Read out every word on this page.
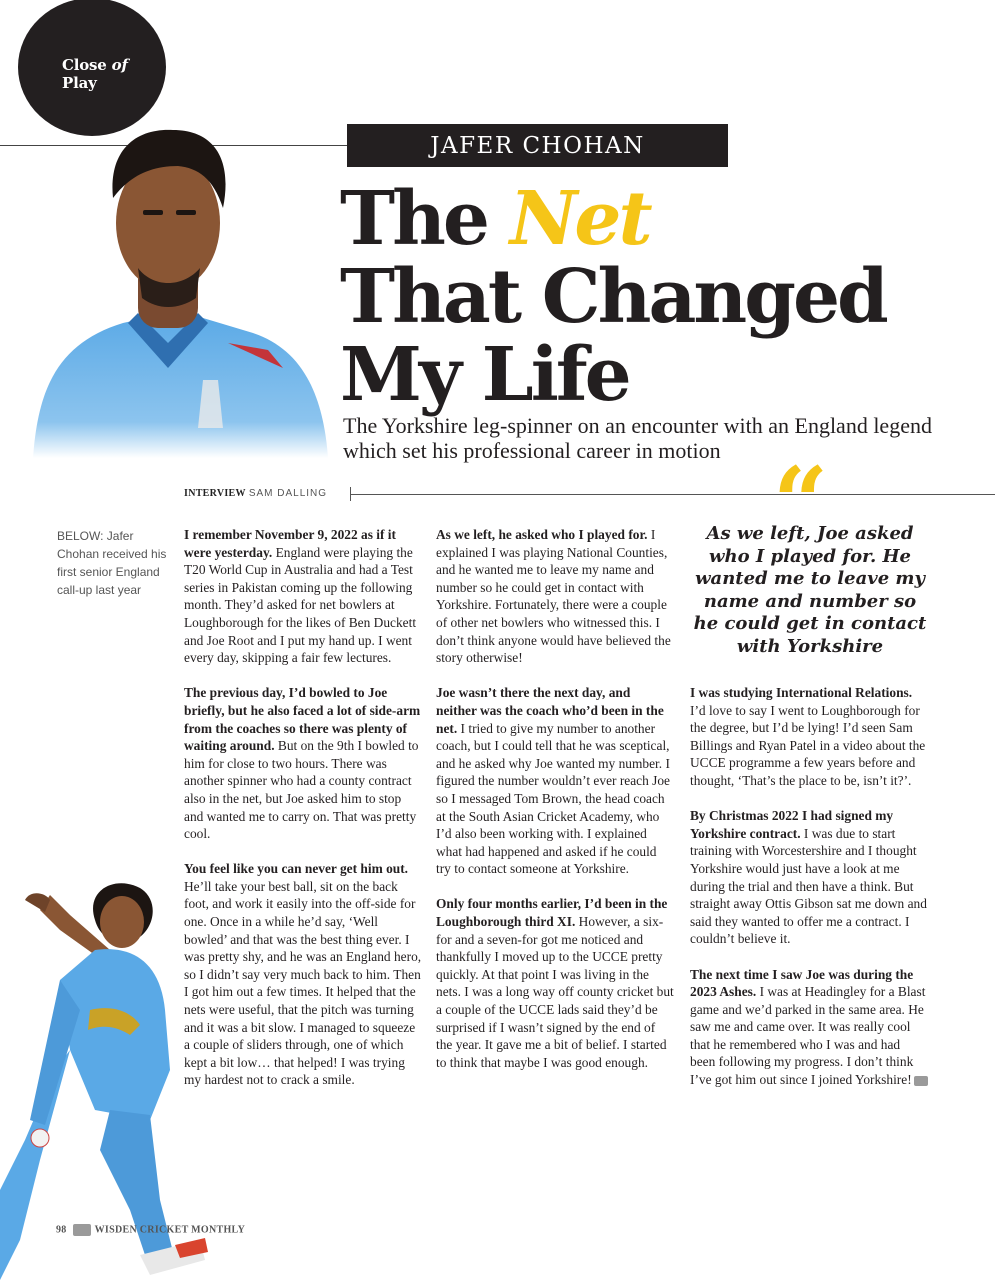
Close of Play
JAFER CHOHAN
The Net
That Changed
My Life

The Yorkshire leg-spinner on an encounter with an England legend which set his professional career in motion

INTERVIEW SAM DALLING	“

BELOW: Jafer Chohan received his first senior England call-up last year

I remember November 9, 2022 as if it were yesterday. England were playing the T20 World Cup in Australia and had a Test series in Pakistan coming up the following month. They’d asked for net bowlers at Loughborough for the likes of Ben Duckett and Joe Root and I put my hand up. I went every day, skipping a fair few lectures.

The previous day, I’d bowled to Joe briefly, but he also faced a lot of side-arm from the coaches so there was plenty of waiting around. But on the 9th I bowled to him for close to two hours. There was another spinner who had a county contract also in the net, but Joe asked him to stop and wanted me to carry on. That was pretty cool.

You feel like you can never get him out. He’ll take your best ball, sit on the back foot, and work it easily into the off-side for one. Once in a while he’d say, ‘Well bowled’ and that was the best thing ever. I was pretty shy, and he was an England hero, so I didn’t say very much back to him. Then I got him out a few times. It helped that the nets were useful, that the pitch was turning and it was a bit slow. I managed to squeeze a couple of sliders through, one of which kept a bit low… that helped! I was trying my hardest not to crack a smile.

As we left, he asked who I played for. I explained I was playing National Counties, and he wanted me to leave my name and number so he could get in contact with Yorkshire. Fortunately, there were a couple of other net bowlers who witnessed this. I don’t think anyone would have believed the story otherwise!

Joe wasn’t there the next day, and neither was the coach who’d been in the net. I tried to give my number to another coach, but I could tell that he was sceptical, and he asked why Joe wanted my number. I figured the number wouldn’t ever reach Joe so I messaged Tom Brown, the head coach at the South Asian Cricket Academy, who I’d also been working with. I explained what had happened and asked if he could try to contact someone at Yorkshire.

Only four months earlier, I’d been in the Loughborough third XI. However, a six-for and a seven-for got me noticed and thankfully I moved up to the UCCE pretty quickly. At that point I was living in the nets. I was a long way off county cricket but a couple of the UCCE lads said they’d be surprised if I wasn’t signed by the end of the year. It gave me a bit of belief. I started to think that maybe I was good enough.

As we left, Joe asked who I played for. He wanted me to leave my name and number so he could get in contact with Yorkshire

I was studying International Relations. I’d love to say I went to Loughborough for the degree, but I’d be lying! I’d seen Sam Billings and Ryan Patel in a video about the UCCE programme a few years before and thought, ‘That’s the place to be, isn’t it?’.

By Christmas 2022 I had signed my Yorkshire contract. I was due to start training with Worcestershire and I thought Yorkshire would just have a look at me during the trial and then have a think. But straight away Ottis Gibson sat me down and said they wanted to offer me a contract. I couldn’t believe it.

The next time I saw Joe was during the 2023 Ashes. I was at Headingley for a Blast game and we’d parked in the same area. He saw me and came over. It was really cool that he remembered who I was and had been following my progress. I don’t think I’ve got him out since I joined Yorkshire!

98	WISDEN CRICKET MONTHLY
